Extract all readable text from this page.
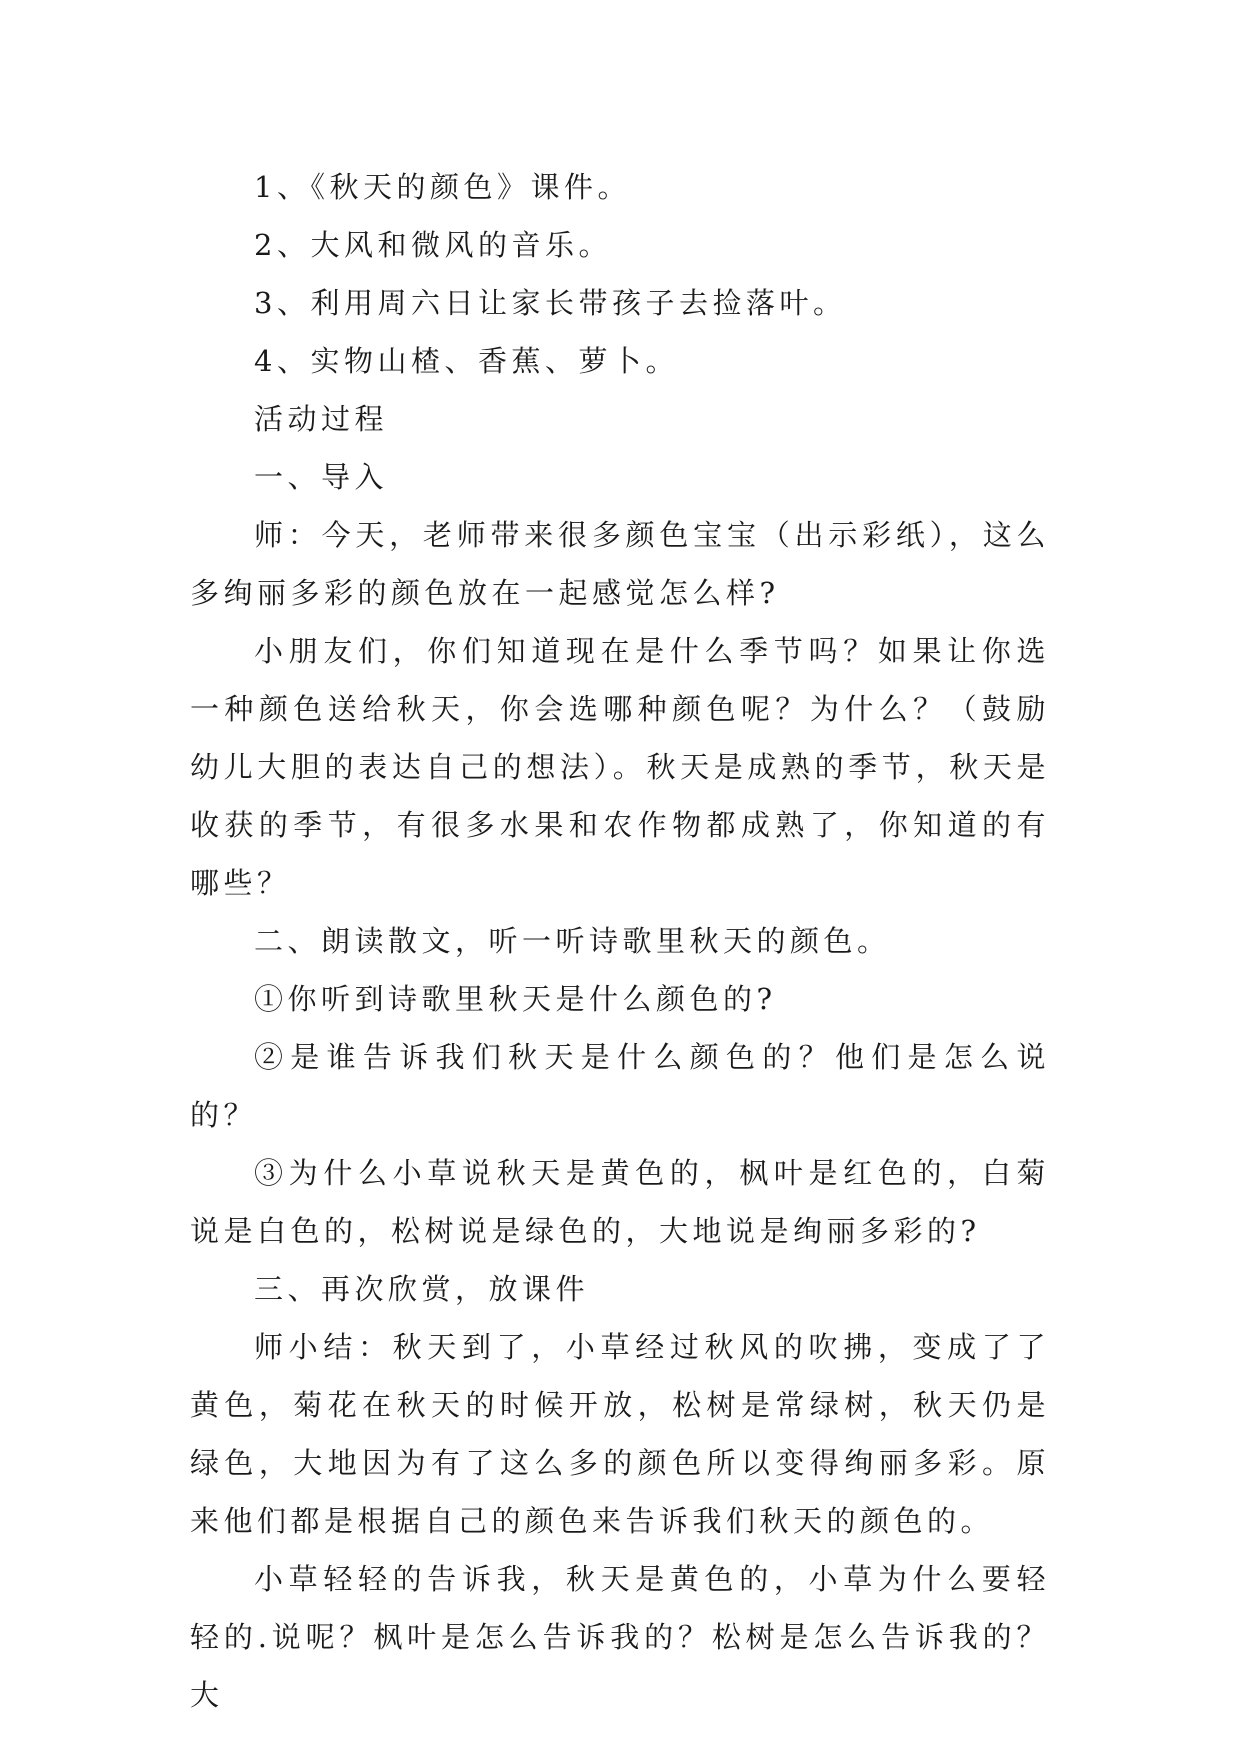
1、《秋天的颜色》课件。

2、大风和微风的音乐。

3、利用周六日让家长带孩子去捡落叶。

4、实物山楂、香蕉、萝卜。

活动过程

一、导入

师：今天，老师带来很多颜色宝宝（出示彩纸），这么多绚丽多彩的颜色放在一起感觉怎么样?

小朋友们，你们知道现在是什么季节吗？如果让你选一种颜色送给秋天，你会选哪种颜色呢？为什么？（鼓励幼儿大胆的表达自己的想法）。秋天是成熟的季节，秋天是收获的季节，有很多水果和农作物都成熟了，你知道的有哪些？

二、朗读散文，听一听诗歌里秋天的颜色。

①你听到诗歌里秋天是什么颜色的?

②是谁告诉我们秋天是什么颜色的？他们是怎么说的？

③为什么小草说秋天是黄色的，枫叶是红色的，白菊说是白色的，松树说是绿色的，大地说是绚丽多彩的?

三、再次欣赏，放课件

师小结：秋天到了，小草经过秋风的吹拂，变成了了黄色，菊花在秋天的时候开放，松树是常绿树，秋天仍是绿色，大地因为有了这么多的颜色所以变得绚丽多彩。原来他们都是根据自己的颜色来告诉我们秋天的颜色的。

小草轻轻的告诉我，秋天是黄色的，小草为什么要轻轻的.说呢？枫叶是怎么告诉我的？松树是怎么告诉我的？大
